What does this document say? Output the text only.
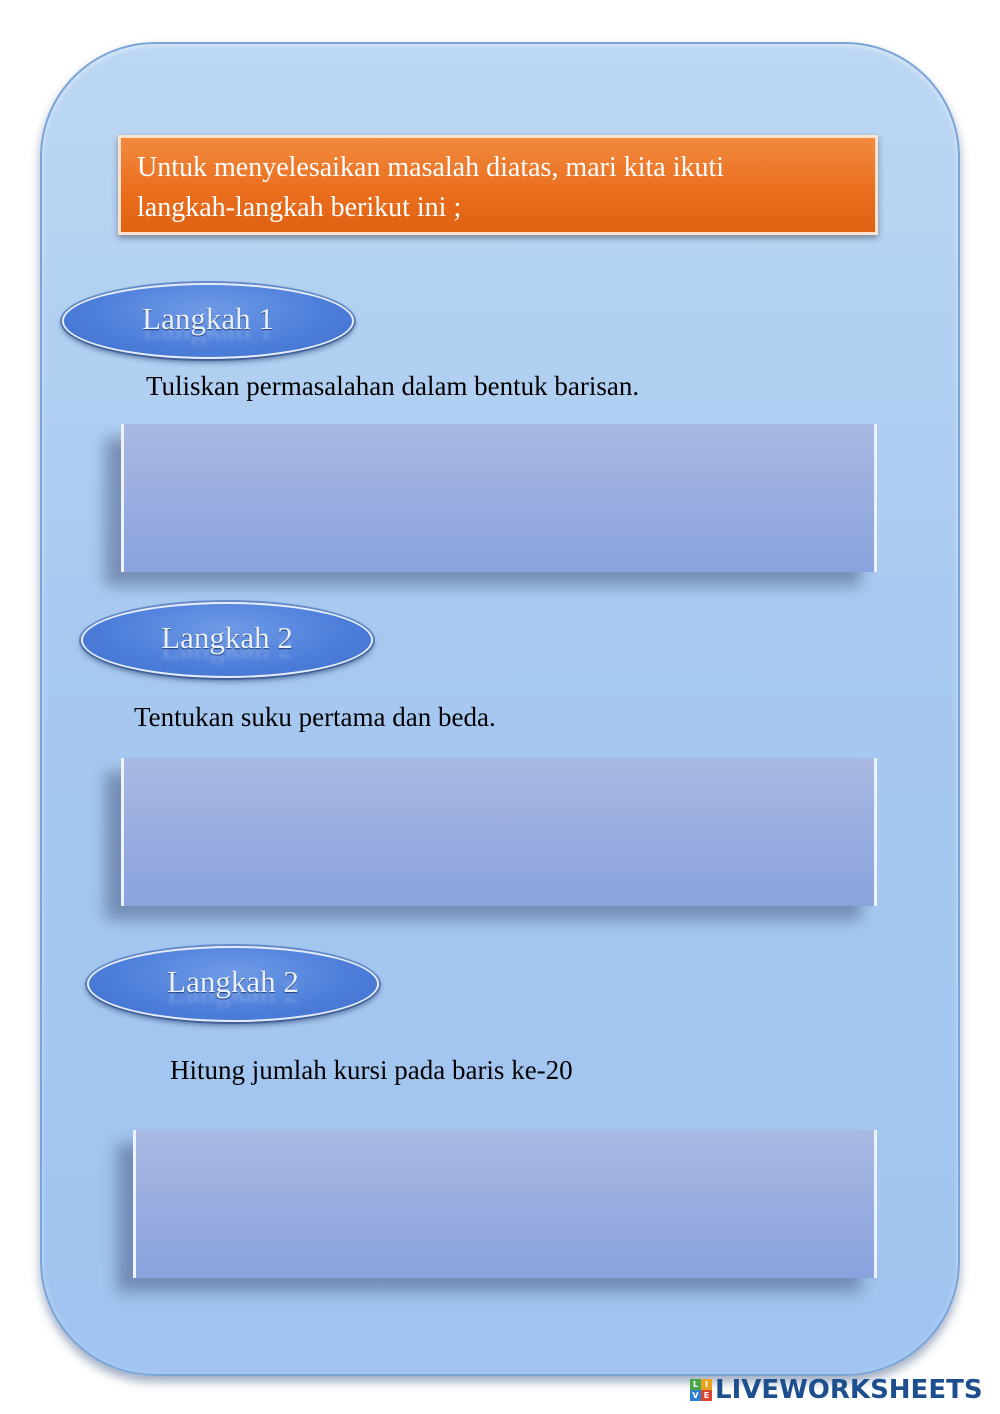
Untuk menyelesaikan masalah diatas, mari kita ikuti
langkah-langkah berikut ini ;
Langkah 1
Tuliskan permasalahan dalam bentuk barisan.
Langkah 2
Tentukan suku pertama dan beda.
Langkah 2
Hitung jumlah kursi pada baris ke-20
L I
V E LIVEWORKSHEETS
